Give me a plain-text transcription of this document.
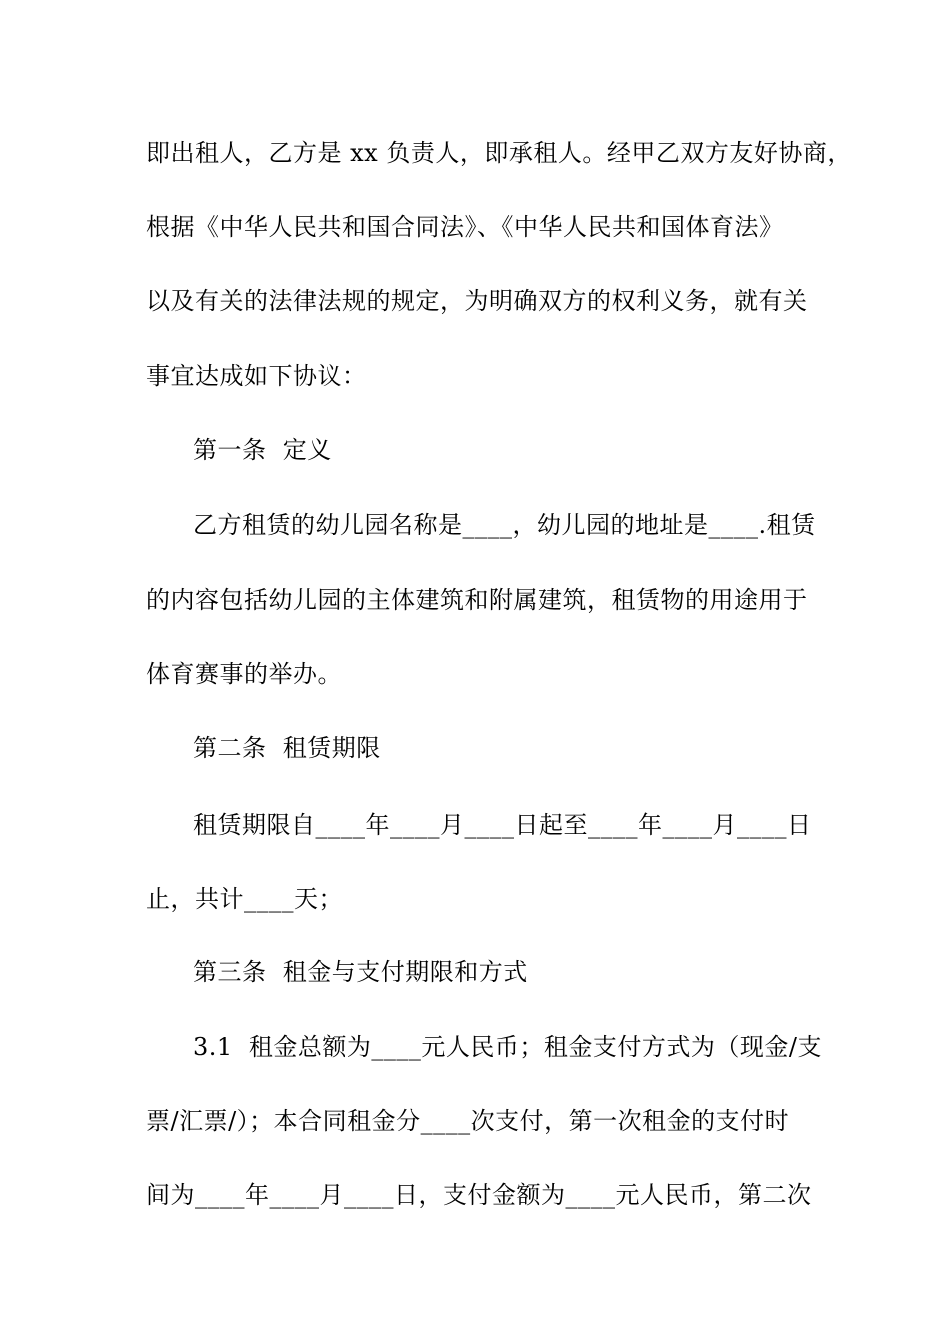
即出租人，乙方是 xx 负责人，即承租人。经甲乙双方友好协商，
根据《中华人民共和国合同法》、《中华人民共和国体育法》
以及有关的法律法规的规定，为明确双方的权利义务，就有关
事宜达成如下协议：
第一条  定义
乙方租赁的幼儿园名称是____，幼儿园的地址是____.租赁
的内容包括幼儿园的主体建筑和附属建筑，租赁物的用途用于
体育赛事的举办。
第二条  租赁期限
租赁期限自____年____月____日起至____年____月____日
止，共计____天；
第三条  租金与支付期限和方式
3.1  租金总额为____元人民币；租金支付方式为（现金/支
票/汇票/）；本合同租金分____次支付，第一次租金的支付时
间为____年____月____日，支付金额为____元人民币，第二次
